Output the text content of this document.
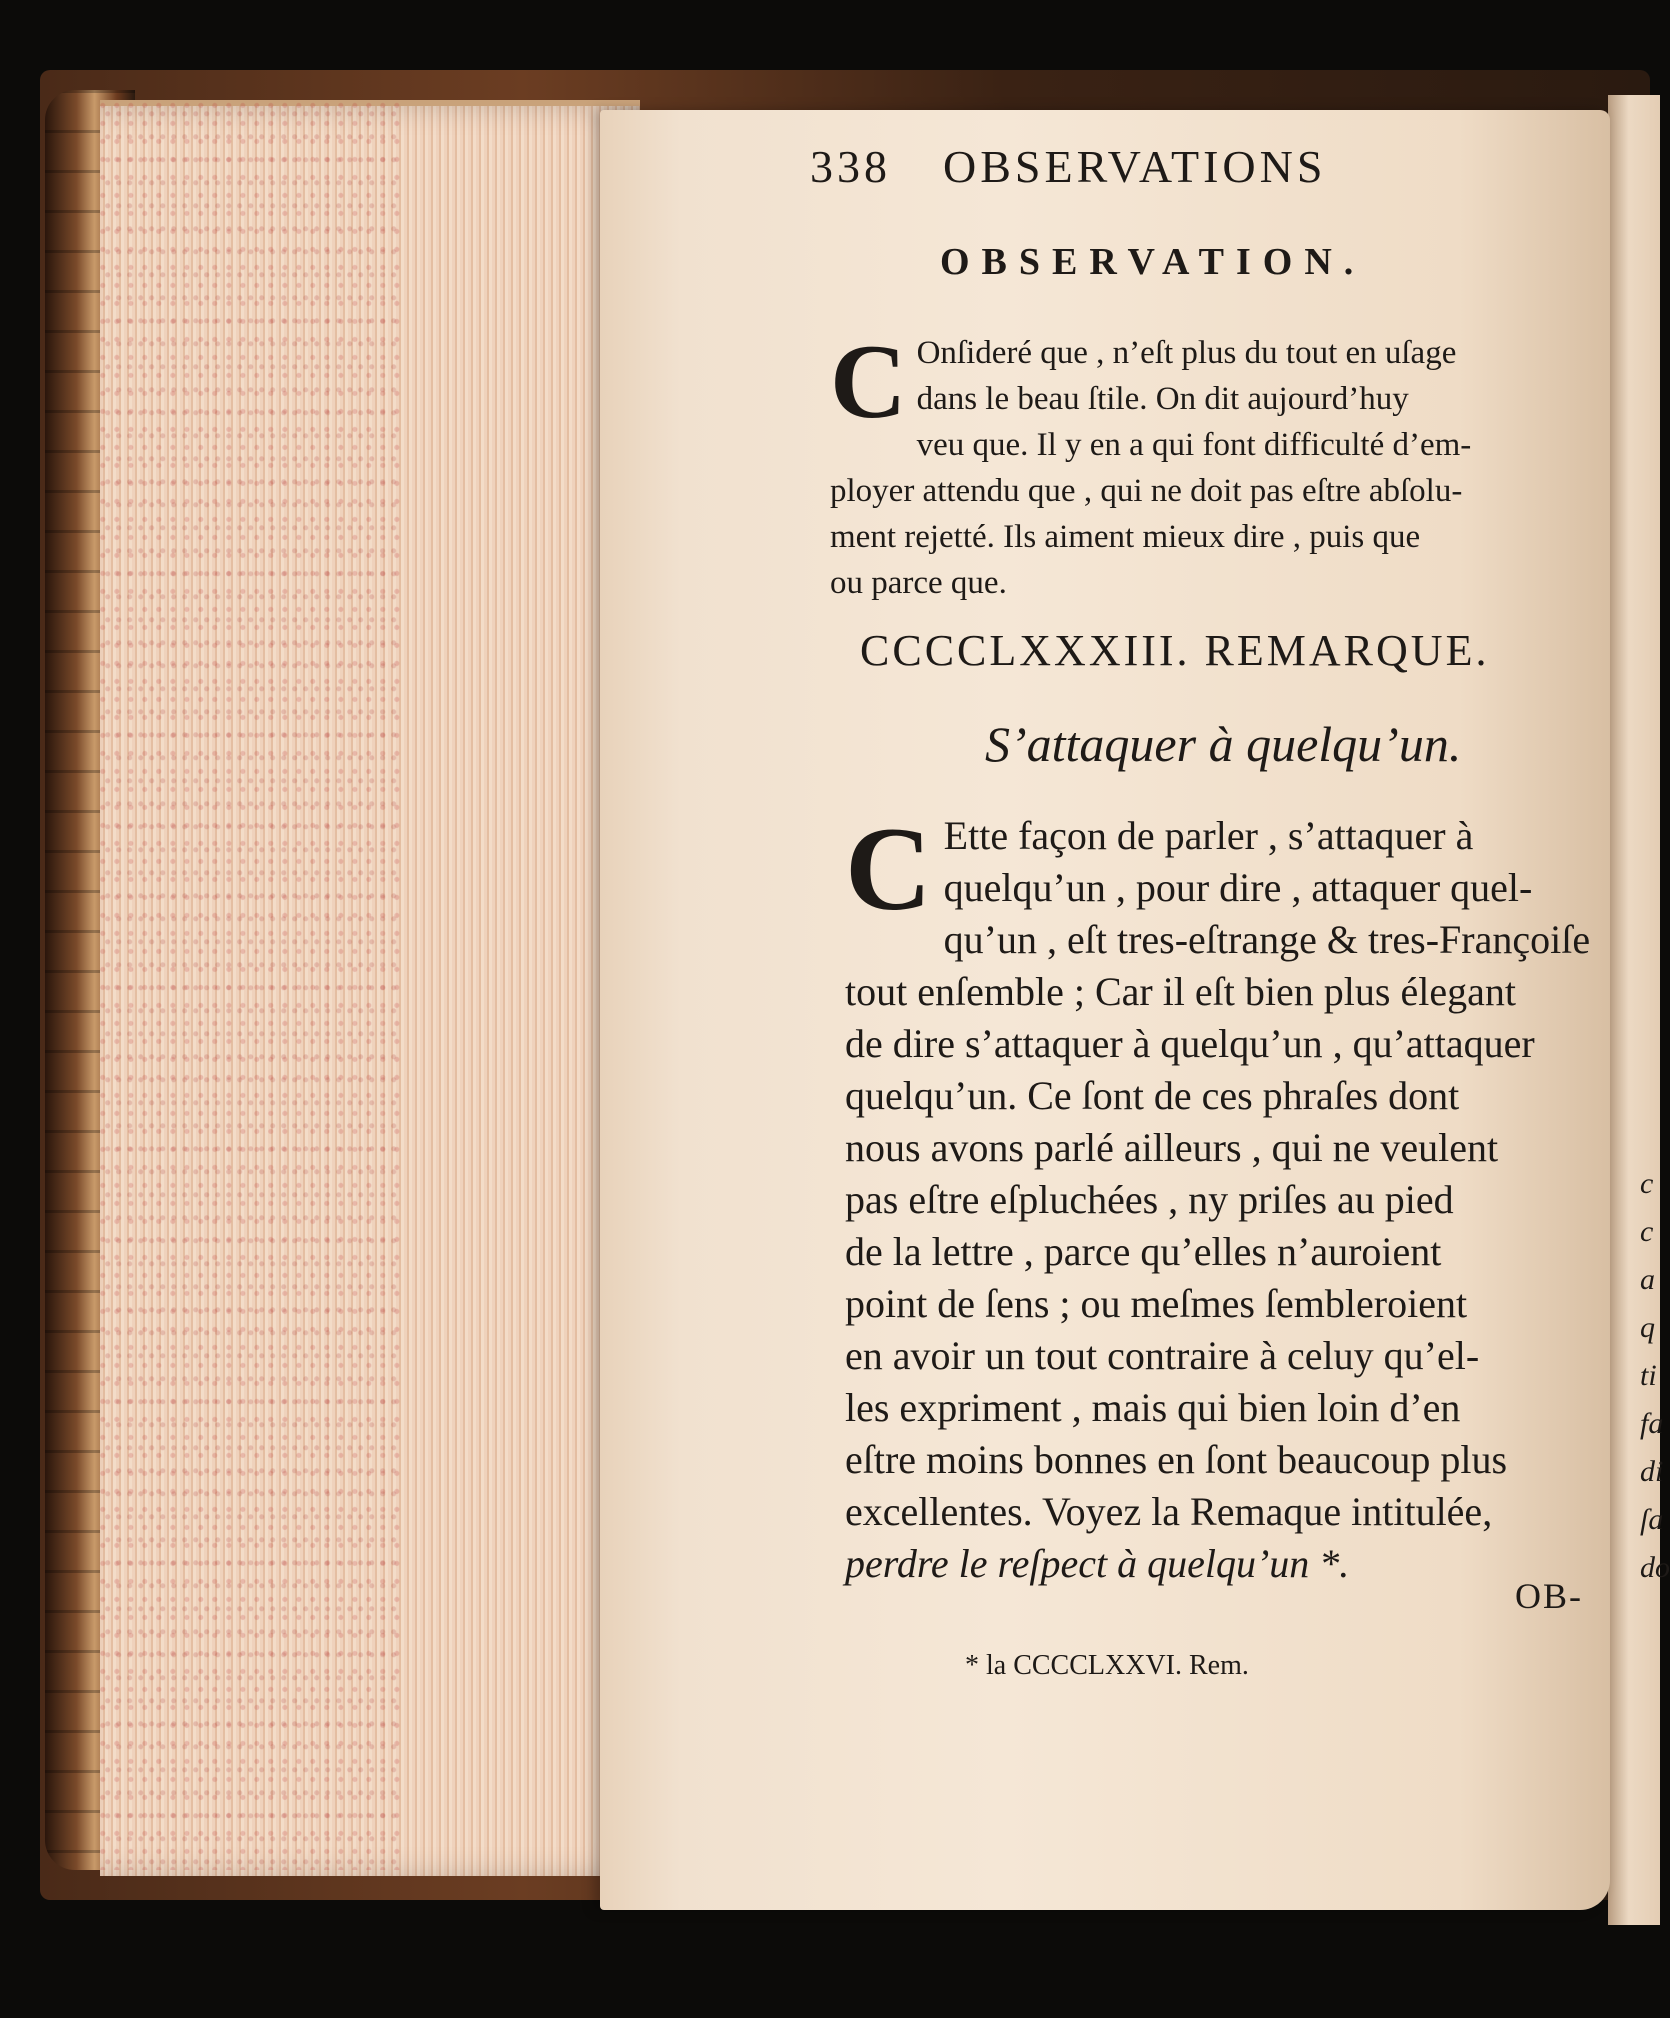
c
c
a
q
ti
fa
di
ſa
do
338 OBSERVATIONS
OBSERVATION.
C Onſideré que , n’eſt plus du tout en uſage
dans le beau ſtile. On dit aujourd’huy
veu que. Il y en a qui font difficulté d’em-
ployer attendu que , qui ne doit pas eſtre abſolu-
ment rejetté. Ils aiment mieux dire , puis que
ou parce que.
CCCCLXXXIII. REMARQUE.
S’attaquer à quelqu’un.
C Ette façon de parler , s’attaquer à
quelqu’un , pour dire , attaquer quel-
qu’un , eſt tres-eſtrange & tres-Françoiſe
tout enſemble ; Car il eſt bien plus élegant
de dire s’attaquer à quelqu’un , qu’attaquer
quelqu’un. Ce ſont de ces phraſes dont
nous avons parlé ailleurs , qui ne veulent
pas eſtre eſpluchées , ny priſes au pied
de la lettre , parce qu’elles n’auroient
point de ſens ; ou meſmes ſembleroient
en avoir un tout contraire à celuy qu’el-
les expriment , mais qui bien loin d’en
eſtre moins bonnes en ſont beaucoup plus
excellentes. Voyez la Remaque intitulée,
perdre le reſpect à quelqu’un *.
OB-
* la CCCCLXXVI. Rem.
